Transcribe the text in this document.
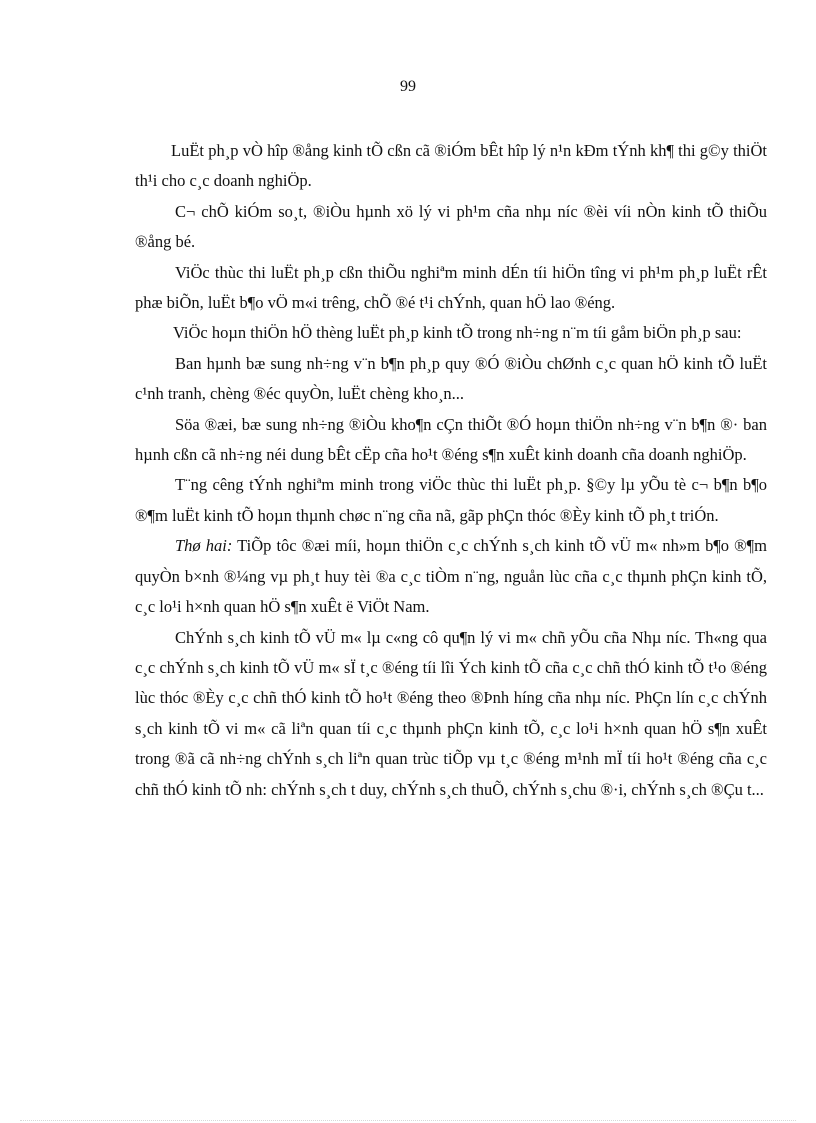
99

LuËt ph¸p vÒ hîp ®ång kinh tÕ cßn cã ®iÓm bÊt hîp lý n¹n kÐm tÝnh kh¶ thi g©y thiÖt th¹i cho c¸c doanh nghiÖp.

C¬ chÕ kiÓm so¸t, ®iÒu hµnh xö lý vi ph¹m cña nhµ níc ®èi víi nÒn kinh tÕ thiÕu ®ång bé.

ViÖc thùc thi luËt ph¸p cßn thiÕu nghiªm minh dÉn tíi hiÖn tîng vi ph¹m ph¸p luËt rÊt phæ biÕn, luËt b¶o vÖ m«i trêng, chÕ ®é t¹i chÝnh, quan hÖ lao ®éng.

ViÖc hoµn thiÖn hÖ thèng luËt ph¸p kinh tÕ trong nh÷ng n¨m tíi gåm biÖn ph¸p sau:

Ban hµnh bæ sung nh÷ng v¨n b¶n ph¸p quy ®Ó ®iÒu chØnh c¸c quan hÖ kinh tÕ luËt c¹nh tranh, chèng ®éc quyÒn, luËt chèng kho¸n...

Söa ®æi, bæ sung nh÷ng ®iÒu kho¶n cÇn thiÕt ®Ó hoµn thiÖn nh÷ng v¨n b¶n ®· ban hµnh cßn cã nh÷ng néi dung bÊt cËp cña ho¹t ®éng s¶n xuÊt kinh doanh cña doanh nghiÖp.

T¨ng cêng tÝnh nghiªm minh trong viÖc thùc thi luËt ph¸p. §©y lµ yÕu tè c¬ b¶n b¶o ®¶m luËt kinh tÕ hoµn thµnh chøc n¨ng cña nã, gãp phÇn thóc ®Èy kinh tÕ ph¸t triÓn.

Thø hai: TiÕp tôc ®æi míi, hoµn thiÖn c¸c chÝnh s¸ch kinh tÕ vÜ m« nh»m b¶o ®¶m quyÒn b×nh ®¼ng vµ ph¸t huy tèi ®a c¸c tiÒm n¨ng, nguån lùc cña c¸c thµnh phÇn kinh tÕ, c¸c lo¹i h×nh quan hÖ s¶n xuÊt ë ViÖt Nam.

ChÝnh s¸ch kinh tÕ vÜ m« lµ c«ng cô qu¶n lý vi m« chñ yÕu cña Nhµ níc. Th«ng qua c¸c chÝnh s¸ch kinh tÕ vÜ m« sÏ t¸c ®éng tíi lîi Ých kinh tÕ cña c¸c chñ thÓ kinh tÕ t¹o ®éng lùc thóc ®Èy c¸c chñ thÓ kinh tÕ ho¹t ®éng theo ®Þnh híng cña nhµ níc. PhÇn lín c¸c chÝnh s¸ch kinh tÕ vi m« cã liªn quan tíi c¸c thµnh phÇn kinh tÕ, c¸c lo¹i h×nh quan hÖ s¶n xuÊt trong ®ã cã nh÷ng chÝnh s¸ch liªn quan trùc tiÕp vµ t¸c ®éng m¹nh mÏ tíi ho¹t ®éng cña c¸c chñ thÓ kinh tÕ nh: chÝnh s¸ch t duy, chÝnh s¸ch thuÕ, chÝnh s¸chu ®·i, chÝnh s¸ch ®Çu t...
